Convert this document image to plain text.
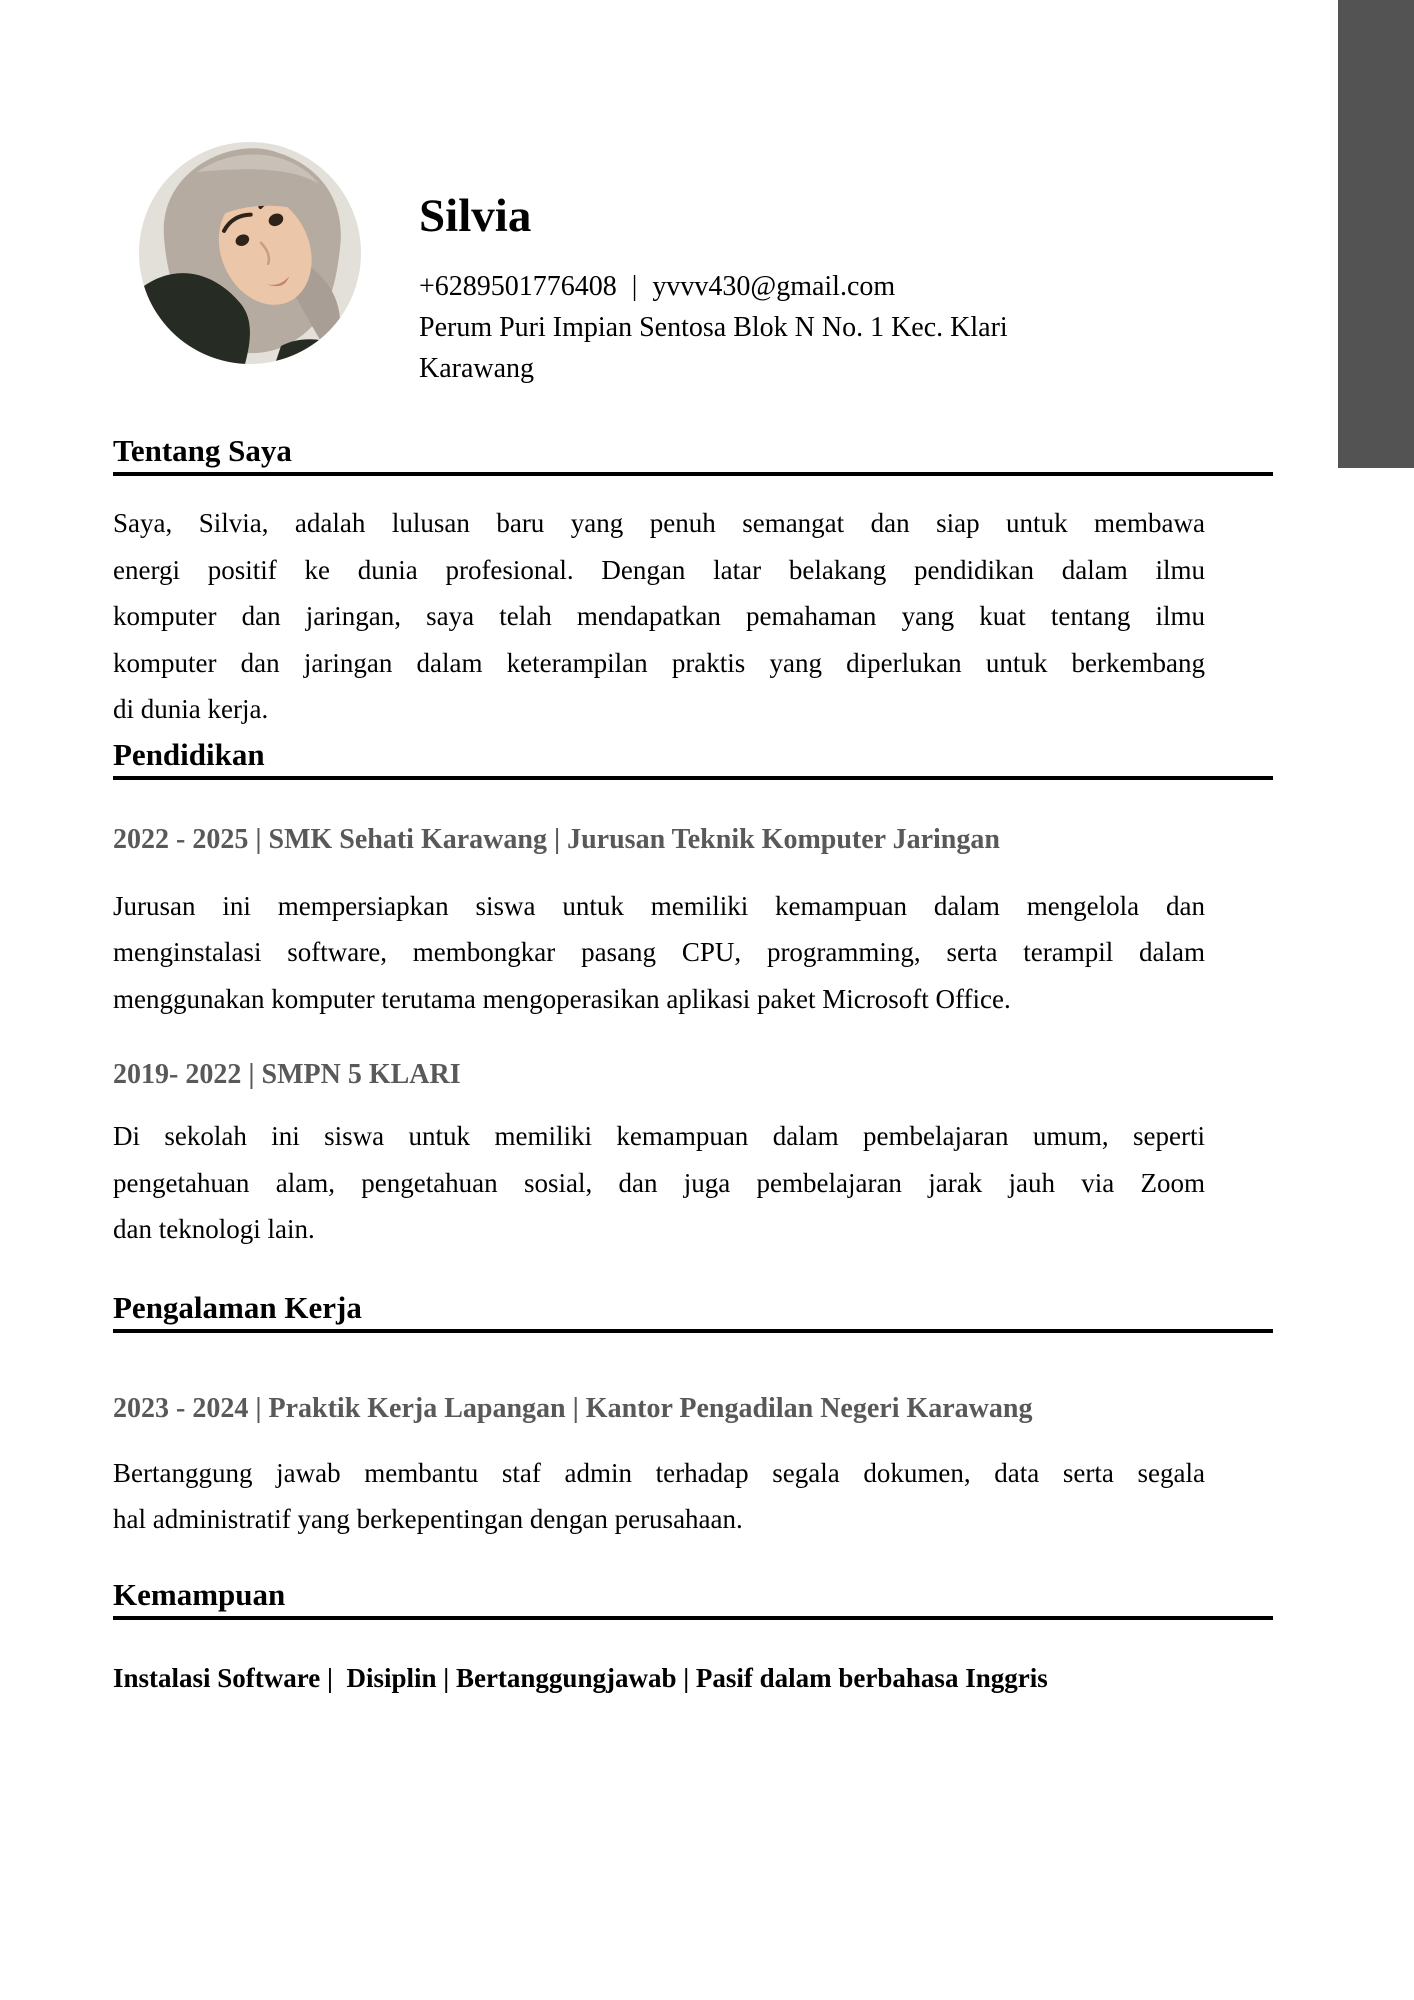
Silvia
+6289501776408 | yvvv430@gmail.com
Perum Puri Impian Sentosa Blok N No. 1 Kec. Klari
Karawang
Tentang Saya
Saya, Silvia, adalah lulusan baru yang penuh semangat dan siap untuk membawa
energi positif ke dunia profesional. Dengan latar belakang pendidikan dalam ilmu
komputer dan jaringan, saya telah mendapatkan pemahaman yang kuat tentang ilmu
komputer dan jaringan dalam keterampilan praktis yang diperlukan untuk berkembang
di dunia kerja.
Pendidikan
2022 - 2025 | SMK Sehati Karawang | Jurusan Teknik Komputer Jaringan
Jurusan ini mempersiapkan siswa untuk memiliki kemampuan dalam mengelola dan
menginstalasi software, membongkar pasang CPU, programming, serta terampil dalam
menggunakan komputer terutama mengoperasikan aplikasi paket Microsoft Office.
2019- 2022 | SMPN 5 KLARI
Di sekolah ini siswa untuk memiliki kemampuan dalam pembelajaran umum, seperti
pengetahuan alam, pengetahuan sosial, dan juga pembelajaran jarak jauh via Zoom
dan teknologi lain.
Pengalaman Kerja
2023 - 2024 | Praktik Kerja Lapangan | Kantor Pengadilan Negeri Karawang
Bertanggung jawab membantu staf admin terhadap segala dokumen, data serta segala
hal administratif yang berkepentingan dengan perusahaan.
Kemampuan
Instalasi Software |  Disiplin | Bertanggungjawab | Pasif dalam berbahasa Inggris
